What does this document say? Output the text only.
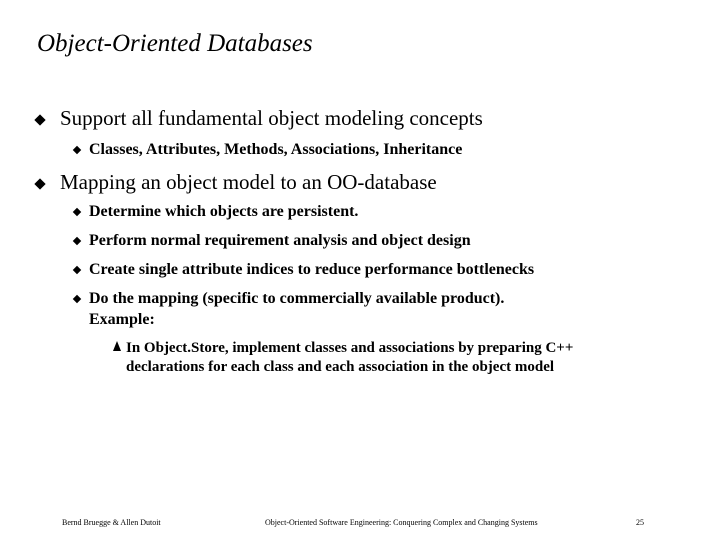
Object-Oriented Databases
Support all fundamental object modeling concepts
Classes, Attributes, Methods, Associations, Inheritance
Mapping an object model to an OO-database
Determine which objects are persistent.
Perform normal requirement analysis and object design
Create single attribute indices to reduce performance bottlenecks
Do the mapping (specific to commercially available product).
Example:
In Object.Store, implement classes and associations by preparing C++
declarations for each class and each association in the object model
Bernd Bruegge & Allen Dutoit	Object-Oriented Software Engineering: Conquering Complex and Changing Systems	25
